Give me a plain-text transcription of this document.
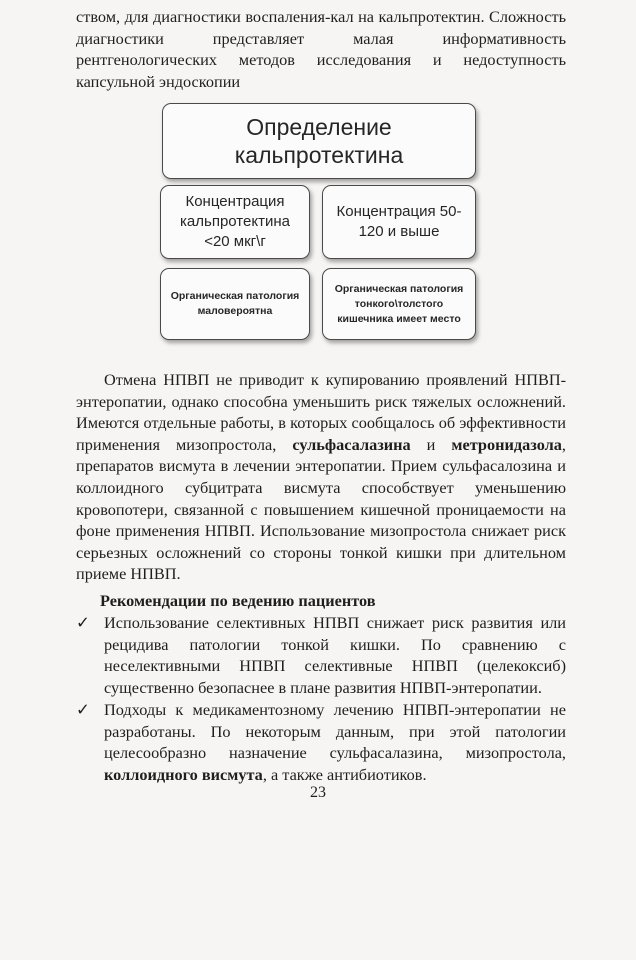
ством, для диагностики воспаления-кал на кальпротектин. Сложность диагностики представляет малая информативность рентгенологических методов исследования и недоступность капсульной эндоскопии

Определение кальпротектина
Концентрация кальпротектина <20 мкг\г
Концентрация 50-120 и выше
Органическая патология маловероятна
Органическая патология тонкого\толстого кишечника имеет место

Отмена НПВП не приводит к купированию проявлений НПВП-энтеропатии, однако способна уменьшить риск тяжелых осложнений. Имеются отдельные работы, в которых сообщалось об эффективности применения мизопростола, сульфасалазина и метронидазола, препаратов висмута в лечении энтеропатии. Прием сульфасалозина и коллоидного субцитрата висмута способствует уменьшению кровопотери, связанной с повышением кишечной проницаемости на фоне применения НПВП. Использование мизопростола снижает риск серьезных осложнений со стороны тонкой кишки при длительном приеме НПВП.

Рекомендации по ведению пациентов
✓ Использование селективных НПВП снижает риск развития или рецидива патологии тонкой кишки. По сравнению с неселективными НПВП селективные НПВП (целекоксиб) существенно безопаснее в плане развития НПВП-энтеропатии.
✓ Подходы к медикаментозному лечению НПВП-энтеропатии не разработаны. По некоторым данным, при этой патологии целесообразно назначение сульфасалазина, мизопростола, коллоидного висмута, а также антибиотиков.
23
